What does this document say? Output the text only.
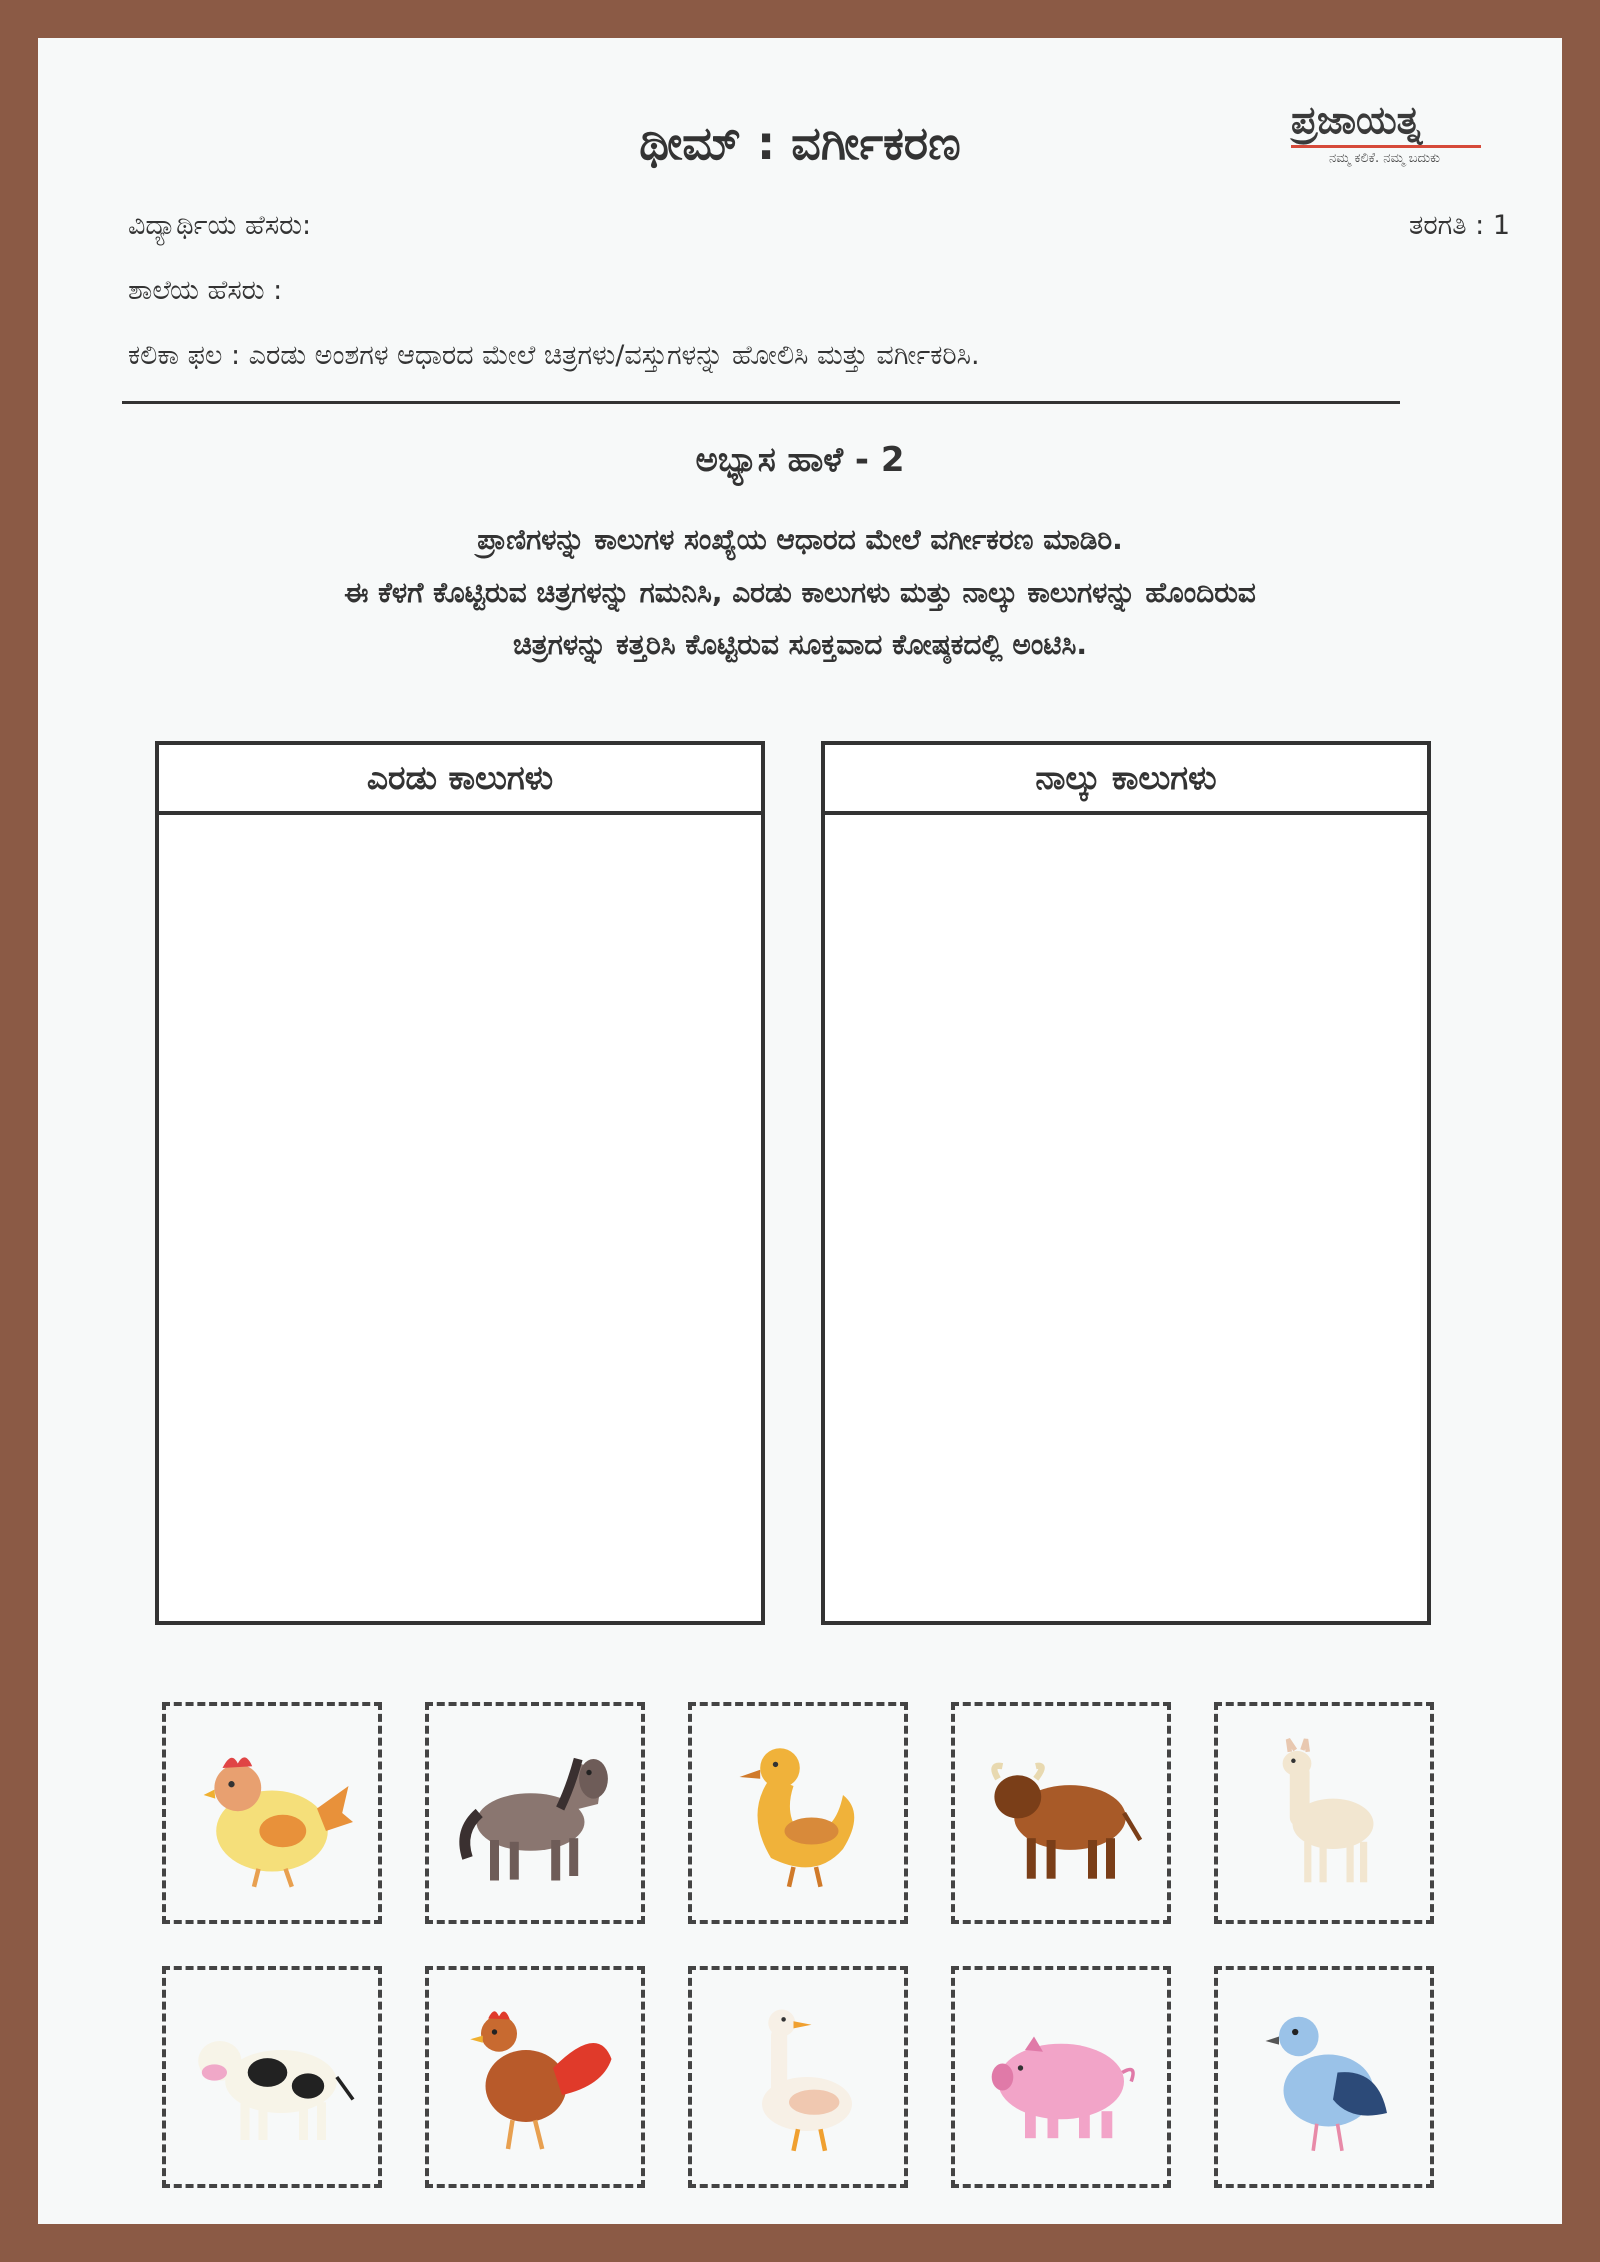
ಥೀಮ್ : ವರ್ಗೀಕರಣ	ಪ್ರಜಾಯತ್ನ
ನಮ್ಮ ಕಲಿಕೆ. ನಮ್ಮ ಬದುಕು
ವಿದ್ಯಾರ್ಥಿಯ ಹೆಸರು:	ತರಗತಿ : 1
ಶಾಲೆಯ ಹೆಸರು :
ಕಲಿಕಾ ಫಲ : ಎರಡು ಅಂಶಗಳ ಆಧಾರದ ಮೇಲೆ ಚಿತ್ರಗಳು/ವಸ್ತುಗಳನ್ನು ಹೋಲಿಸಿ ಮತ್ತು ವರ್ಗೀಕರಿಸಿ.
ಅಭ್ಯಾಸ ಹಾಳೆ - 2
ಪ್ರಾಣಿಗಳನ್ನು ಕಾಲುಗಳ ಸಂಖ್ಯೆಯ ಆಧಾರದ ಮೇಲೆ ವರ್ಗೀಕರಣ ಮಾಡಿರಿ.
ಈ ಕೆಳಗೆ ಕೊಟ್ಟಿರುವ ಚಿತ್ರಗಳನ್ನು ಗಮನಿಸಿ, ಎರಡು ಕಾಲುಗಳು ಮತ್ತು ನಾಲ್ಕು ಕಾಲುಗಳನ್ನು ಹೊಂದಿರುವ
ಚಿತ್ರಗಳನ್ನು ಕತ್ತರಿಸಿ ಕೊಟ್ಟಿರುವ ಸೂಕ್ತವಾದ ಕೋಷ್ಠಕದಲ್ಲಿ ಅಂಟಿಸಿ.
ಎರಡು ಕಾಲುಗಳು	ನಾಲ್ಕು ಕಾಲುಗಳು
